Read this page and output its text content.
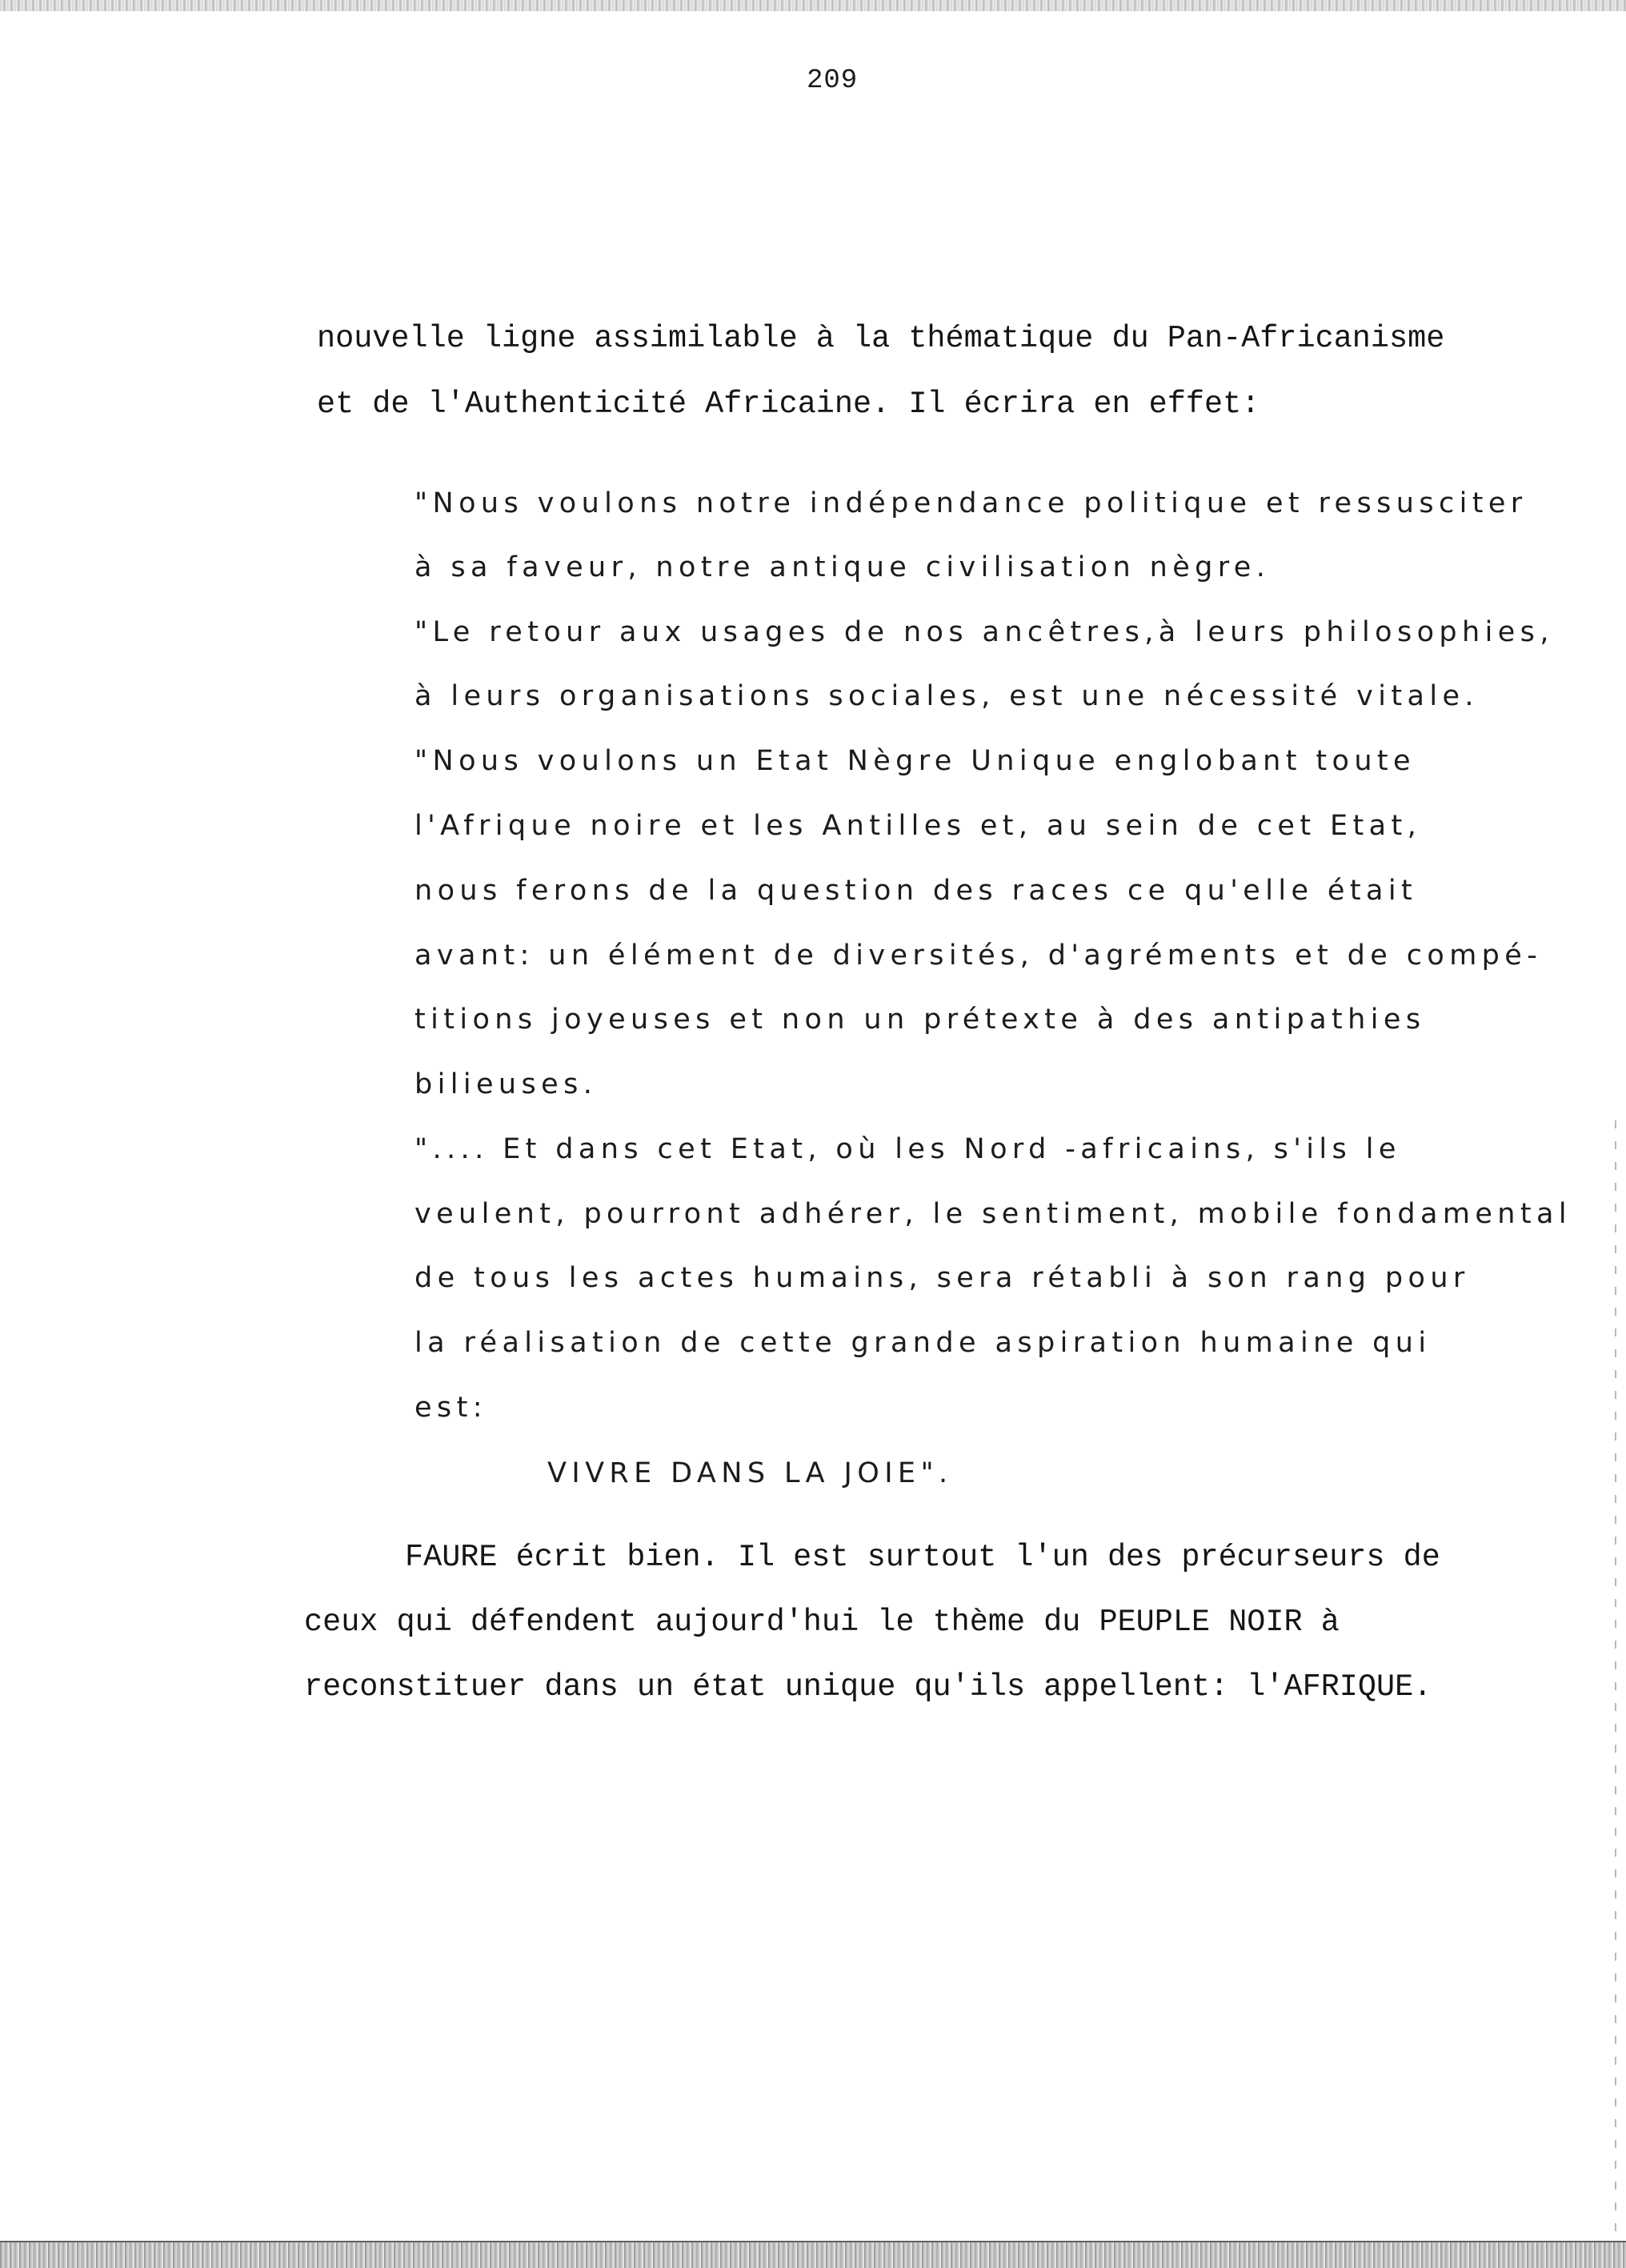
209
nouvelle ligne assimilable à la thématique du Pan-Africanisme
et de l'Authenticité Africaine. Il écrira en effet:
"Nous voulons notre indépendance politique et ressusciter
à sa faveur, notre antique civilisation nègre.
"Le retour aux usages de nos ancêtres,à leurs philosophies,
à leurs organisations sociales, est une nécessité vitale.
"Nous voulons un Etat Nègre Unique englobant toute
l'Afrique noire et les Antilles et, au sein de cet Etat,
nous ferons de la question des races ce qu'elle était
avant: un élément de diversités, d'agréments et de compé-
titions joyeuses et non un prétexte à des antipathies
bilieuses.
".... Et dans cet Etat, où les Nord -africains, s'ils le
veulent, pourront adhérer, le sentiment, mobile fondamental
de tous les actes humains, sera rétabli à son rang pour
la réalisation de cette grande aspiration humaine qui
est:
VIVRE DANS LA JOIE".
FAURE écrit bien. Il est surtout l'un des précurseurs de
ceux qui défendent aujourd'hui le thème du PEUPLE NOIR à
reconstituer dans un état unique qu'ils appellent: l'AFRIQUE.
